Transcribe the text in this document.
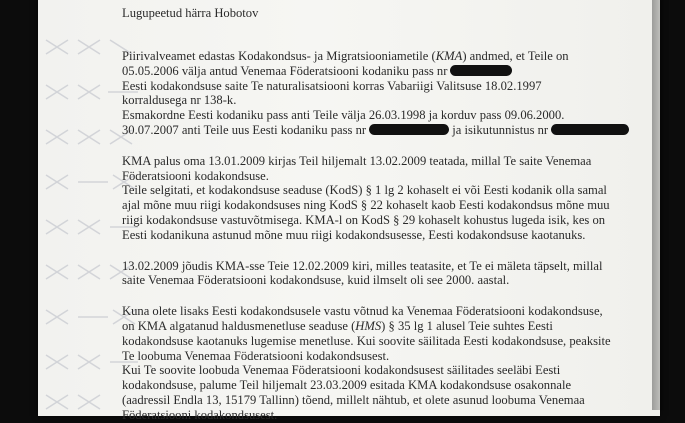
Lugupeetud härra Hobotov
Piirivalveamet edastas Kodakondsus- ja Migratsiooniametile (KMA) andmed, et Teile on
05.05.2006 välja antud Venemaa Föderatsiooni kodaniku pass nr
Eesti kodakondsuse saite Te naturalisatsiooni korras Vabariigi Valitsuse 18.02.1997
korraldusega nr 138-k.
Esmakordne Eesti kodaniku pass anti Teile välja 26.03.1998 ja korduv pass 09.06.2000.
30.07.2007 anti Teile uus Eesti kodaniku pass nr	ja isikutunnistus nr
KMA palus oma 13.01.2009 kirjas Teil hiljemalt 13.02.2009 teatada, millal Te saite Venemaa
Föderatsiooni kodakondsuse.
Teile selgitati, et kodakondsuse seaduse (KodS) § 1 lg 2 kohaselt ei või Eesti kodanik olla samal
ajal mõne muu riigi kodakondsuses ning KodS § 22 kohaselt kaob Eesti kodakondsus mõne muu
riigi kodakondsuse vastuvõtmisega. KMA-l on KodS § 29 kohaselt kohustus lugeda isik, kes on
Eesti kodanikuna astunud mõne muu riigi kodakondsusesse, Eesti kodakondsuse kaotanuks.
13.02.2009 jõudis KMA-sse Teie 12.02.2009 kiri, milles teatasite, et Te ei mäleta täpselt, millal
saite Venemaa Föderatsiooni kodakondsuse, kuid ilmselt oli see 2000. aastal.
Kuna olete lisaks Eesti kodakondsusele vastu võtnud ka Venemaa Föderatsiooni kodakondsuse,
on KMA algatanud haldusmenetluse seaduse (HMS) § 35 lg 1 alusel Teie suhtes Eesti
kodakondsuse kaotanuks lugemise menetluse. Kui soovite säilitada Eesti kodakondsuse, peaksite
Te loobuma Venemaa Föderatsiooni kodakondsusest.
Kui Te soovite loobuda Venemaa Föderatsiooni kodakondsusest säilitades seeläbi Eesti
kodakondsuse, palume Teil hiljemalt 23.03.2009 esitada KMA kodakondsuse osakonnale
(aadressil Endla 13, 15179 Tallinn) tõend, millelt nähtub, et olete asunud loobuma Venemaa
Föderatsiooni kodakondsusest.
